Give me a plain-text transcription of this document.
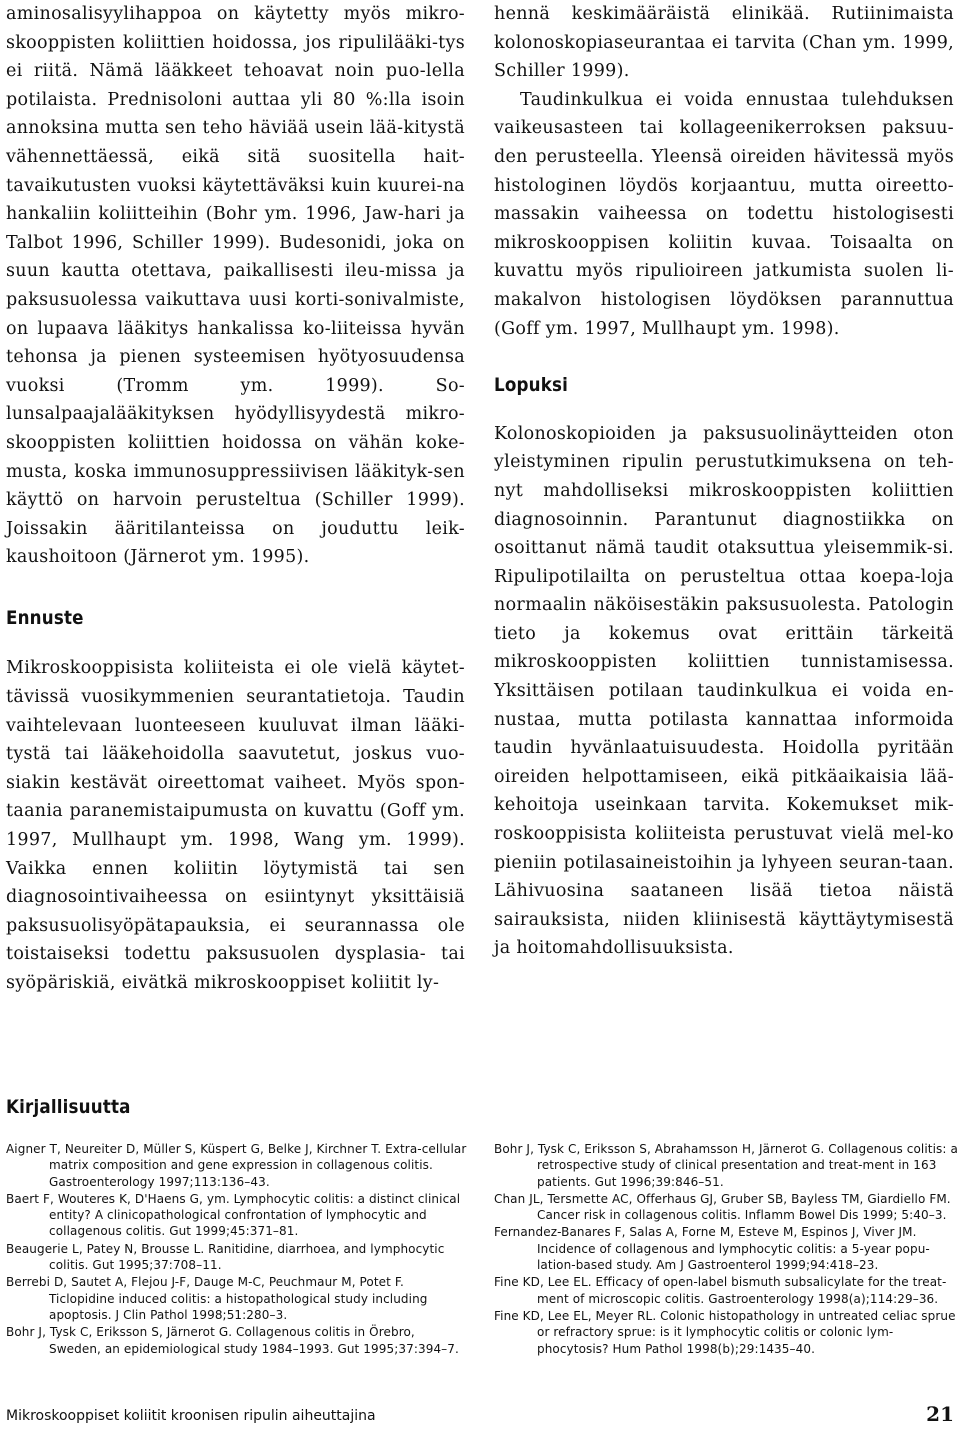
aminosalisyylihappoa on käytetty myös mikro-skooppisten koliittien hoidossa, jos ripulilääki-tys ei riitä. Nämä lääkkeet tehoavat noin puo-lella potilaista. Prednisoloni auttaa yli 80 %:lla isoin annoksina mutta sen teho häviää usein lää-kitystä vähennettäessä, eikä sitä suositella hait-tavaikutusten vuoksi käytettäväksi kuin kuurei-na hankaliin koliitteihin (Bohr ym. 1996, Jaw-hari ja Talbot 1996, Schiller 1999). Budesonidi, joka on suun kautta otettava, paikallisesti ileu-missa ja paksusuolessa vaikuttava uusi korti-sonivalmiste, on lupaava lääkitys hankalissa ko-liiteissa hyvän tehonsa ja pienen systeemisen hyötyosuudensa vuoksi (Tromm ym. 1999). So-lunsalpaajalääkityksen hyödyllisyydestä mikro-skooppisten koliittien hoidossa on vähän koke-musta, koska immunosuppressiivisen lääkityk-sen käyttö on harvoin perusteltua (Schiller 1999). Joissakin ääritilanteissa on jouduttu leik-kaushoitoon (Järnerot ym. 1995).

Ennuste

Mikroskooppisista koliiteista ei ole vielä käytet-tävissä vuosikymmenien seurantatietoja. Taudin vaihtelevaan luonteeseen kuuluvat ilman lääki-tystä tai lääkehoidolla saavutetut, joskus vuo-siakin kestävät oireettomat vaiheet. Myös spon-taania paranemistaipumusta on kuvattu (Goff ym. 1997, Mullhaupt ym. 1998, Wang ym. 1999). Vaikka ennen koliitin löytymistä tai sen diagnosointivaiheessa on esiintynyt yksittäisiä paksusuolisyöpätapauksia, ei seurannassa ole toistaiseksi todettu paksusuolen dysplasia- tai syöpäriskiä, eivätkä mikroskooppiset koliitit ly-

hennä keskimääräistä elinikää. Rutiinimaista kolonoskopiaseurantaa ei tarvita (Chan ym. 1999, Schiller 1999).

Taudinkulkua ei voida ennustaa tulehduksen vaikeusasteen tai kollageenikerroksen paksuu-den perusteella. Yleensä oireiden hävitessä myös histologinen löydös korjaantuu, mutta oireetto-massakin vaiheessa on todettu histologisesti mikroskooppisen koliitin kuvaa. Toisaalta on kuvattu myös ripulioireen jatkumista suolen li-makalvon histologisen löydöksen parannuttua (Goff ym. 1997, Mullhaupt ym. 1998).

Lopuksi

Kolonoskopioiden ja paksusuolinäytteiden oton yleistyminen ripulin perustutkimuksena on teh-nyt mahdolliseksi mikroskooppisten koliittien diagnosoinnin. Parantunut diagnostiikka on osoittanut nämä taudit otaksuttua yleisemmik-si. Ripulipotilailta on perusteltua ottaa koepa-loja normaalin näköisestäkin paksusuolesta. Patologin tieto ja kokemus ovat erittäin tärkeitä mikroskooppisten koliittien tunnistamisessa. Yksittäisen potilaan taudinkulkua ei voida en-nustaa, mutta potilasta kannattaa informoida taudin hyvänlaatuisuudesta. Hoidolla pyritään oireiden helpottamiseen, eikä pitkäaikaisia lää-kehoitoja useinkaan tarvita. Kokemukset mik-roskooppisista koliiteista perustuvat vielä mel-ko pieniin potilasaineistoihin ja lyhyeen seuran-taan. Lähivuosina saataneen lisää tietoa näistä sairauksista, niiden kliinisestä käyttäytymisestä ja hoitomahdollisuuksista.

Kirjallisuutta

Aigner T, Neureiter D, Müller S, Küspert G, Belke J, Kirchner T. Extra-cellular matrix composition and gene expression in collagenous colitis. Gastroenterology 1997;113:136–43.

Baert F, Wouteres K, D'Haens G, ym. Lymphocytic colitis: a distinct clinical entity? A clinicopathological confrontation of lymphocytic and collagenous colitis. Gut 1999;45:371–81.

Beaugerie L, Patey N, Brousse L. Ranitidine, diarrhoea, and lymphocytic colitis. Gut 1995;37:708–11.

Berrebi D, Sautet A, Flejou J-F, Dauge M-C, Peuchmaur M, Potet F. Ticlopidine induced colitis: a histopathological study including apoptosis. J Clin Pathol 1998;51:280–3.

Bohr J, Tysk C, Eriksson S, Järnerot G. Collagenous colitis in Örebro, Sweden, an epidemiological study 1984–1993. Gut 1995;37:394–7.

Bohr J, Tysk C, Eriksson S, Abrahamsson H, Järnerot G. Collagenous colitis: a retrospective study of clinical presentation and treat-ment in 163 patients. Gut 1996;39:846–51.

Chan JL, Tersmette AC, Offerhaus GJ, Gruber SB, Bayless TM, Giardiello FM. Cancer risk in collagenous colitis. Inflamm Bowel Dis 1999; 5:40–3.

Fernandez-Banares F, Salas A, Forne M, Esteve M, Espinos J, Viver JM. Incidence of collagenous and lymphocytic colitis: a 5-year popu-lation-based study. Am J Gastroenterol 1999;94:418–23.

Fine KD, Lee EL. Efficacy of open-label bismuth subsalicylate for the treat-ment of microscopic colitis. Gastroenterology 1998(a);114:29–36.

Fine KD, Lee EL, Meyer RL. Colonic histopathology in untreated celiac sprue or refractory sprue: is it lymphocytic colitis or colonic lym-phocytosis? Hum Pathol 1998(b);29:1435–40.

Mikroskooppiset koliitit kroonisen ripulin aiheuttajina	21
